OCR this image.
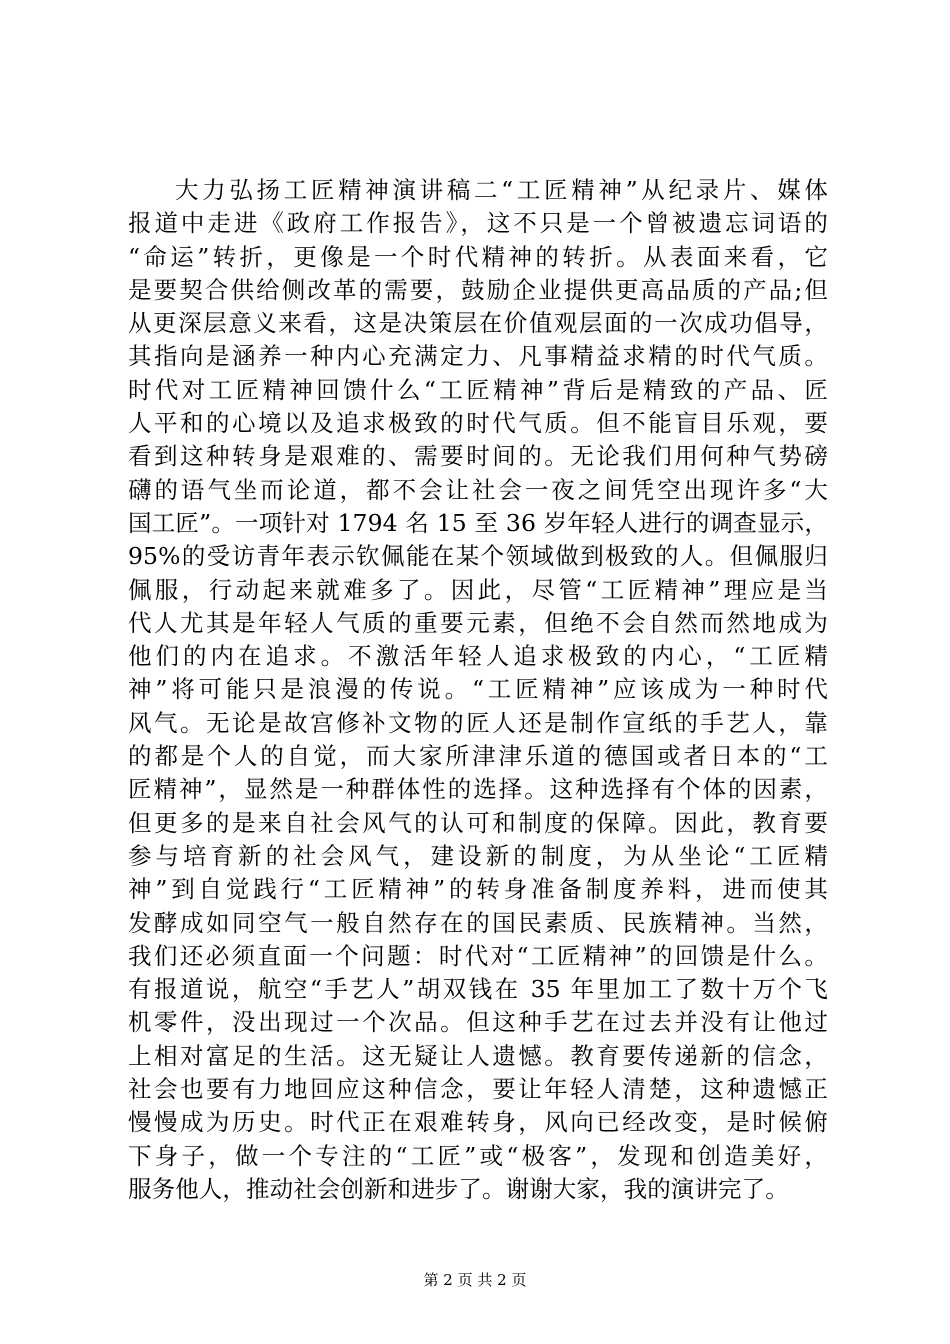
大力弘扬工匠精神演讲稿二“工匠精神”从纪录片、媒体
报道中走进《政府工作报告》，这不只是一个曾被遗忘词语的
“命运”转折，更像是一个时代精神的转折。从表面来看，它
是要契合供给侧改革的需要，鼓励企业提供更高品质的产品;但
从更深层意义来看，这是决策层在价值观层面的一次成功倡导，
其指向是涵养一种内心充满定力、凡事精益求精的时代气质。
时代对工匠精神回馈什么“工匠精神”背后是精致的产品、匠
人平和的心境以及追求极致的时代气质。但不能盲目乐观，要
看到这种转身是艰难的、需要时间的。无论我们用何种气势磅
礴的语气坐而论道，都不会让社会一夜之间凭空出现许多“大
国工匠”。一项针对 1794 名 15 至 36 岁年轻人进行的调查显示，
95%的受访青年表示钦佩能在某个领域做到极致的人。但佩服归
佩服，行动起来就难多了。因此，尽管“工匠精神”理应是当
代人尤其是年轻人气质的重要元素，但绝不会自然而然地成为
他们的内在追求。不激活年轻人追求极致的内心，“工匠精
神”将可能只是浪漫的传说。“工匠精神”应该成为一种时代
风气。无论是故宫修补文物的匠人还是制作宣纸的手艺人，靠
的都是个人的自觉，而大家所津津乐道的德国或者日本的“工
匠精神”，显然是一种群体性的选择。这种选择有个体的因素，
但更多的是来自社会风气的认可和制度的保障。因此，教育要
参与培育新的社会风气，建设新的制度，为从坐论“工匠精
神”到自觉践行“工匠精神”的转身准备制度养料，进而使其
发酵成如同空气一般自然存在的国民素质、民族精神。当然，
我们还必须直面一个问题：时代对“工匠精神”的回馈是什么。
有报道说，航空“手艺人”胡双钱在 35 年里加工了数十万个飞
机零件，没出现过一个次品。但这种手艺在过去并没有让他过
上相对富足的生活。这无疑让人遗憾。教育要传递新的信念，
社会也要有力地回应这种信念，要让年轻人清楚，这种遗憾正
慢慢成为历史。时代正在艰难转身，风向已经改变，是时候俯
下身子，做一个专注的“工匠”或“极客”，发现和创造美好，
服务他人，推动社会创新和进步了。谢谢大家，我的演讲完了。
第 2 页 共 2 页
